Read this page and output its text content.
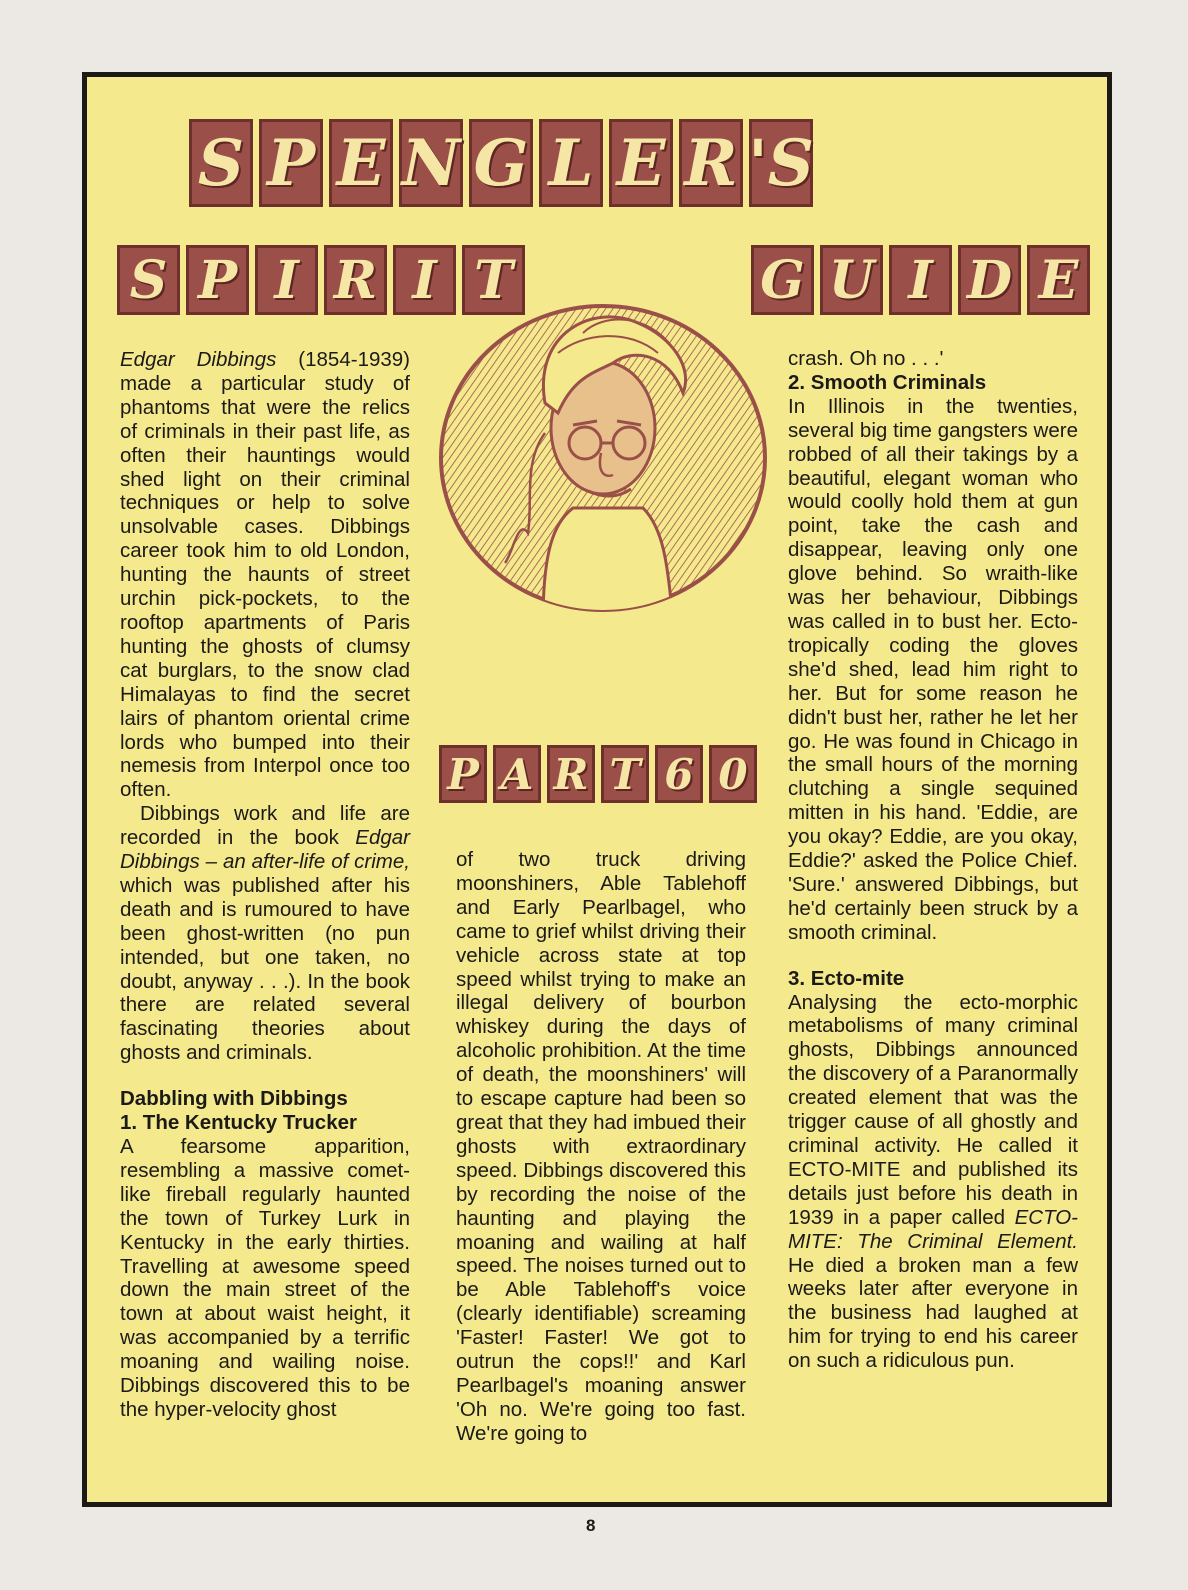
S P E N G L E R 'S
S P I R I T	G U I D E
P A R T 6 0

Edgar Dibbings (1854-1939) made a particular study of phantoms that were the relics of criminals in their past life, as often their hauntings would shed light on their criminal techniques or help to solve unsolvable cases. Dibbings career took him to old London, hunting the haunts of street urchin pick-pockets, to the rooftop apartments of Paris hunting the ghosts of clumsy cat burglars, to the snow clad Himalayas to find the secret lairs of phantom oriental crime lords who bumped into their nemesis from Interpol once too often.

Dibbings work and life are recorded in the book Edgar Dibbings – an after-life of crime, which was published after his death and is rumoured to have been ghost-written (no pun intended, but one taken, no doubt, anyway . . .). In the book there are related several fascinating theories about ghosts and criminals.

Dabbling with Dibbings
1. The Kentucky Trucker

A fearsome apparition, resembling a massive comet-like fireball regularly haunted the town of Turkey Lurk in Kentucky in the early thirties. Travelling at awesome speed down the main street of the town at about waist height, it was accompanied by a terrific moaning and wailing noise. Dibbings discovered this to be the hyper-velocity ghost

of two truck driving moonshiners, Able Tablehoff and Early Pearlbagel, who came to grief whilst driving their vehicle across state at top speed whilst trying to make an illegal delivery of bourbon whiskey during the days of alcoholic prohibition. At the time of death, the moonshiners' will to escape capture had been so great that they had imbued their ghosts with extraordinary speed. Dibbings discovered this by recording the noise of the haunting and playing the moaning and wailing at half speed. The noises turned out to be Able Tablehoff's voice (clearly identifiable) screaming 'Faster! Faster! We got to outrun the cops!!' and Karl Pearlbagel's moaning answer 'Oh no. We're going too fast. We're going to

crash. Oh no . . .'

2. Smooth Criminals

In Illinois in the twenties, several big time gangsters were robbed of all their takings by a beautiful, elegant woman who would coolly hold them at gun point, take the cash and disappear, leaving only one glove behind. So wraith-like was her behaviour, Dibbings was called in to bust her. Ecto-tropically coding the gloves she'd shed, lead him right to her. But for some reason he didn't bust her, rather he let her go. He was found in Chicago in the small hours of the morning clutching a single sequined mitten in his hand. 'Eddie, are you okay? Eddie, are you okay, Eddie?' asked the Police Chief. 'Sure.' answered Dibbings, but he'd certainly been struck by a smooth criminal.

3. Ecto-mite

Analysing the ecto-morphic metabolisms of many criminal ghosts, Dibbings announced the discovery of a Paranormally created element that was the trigger cause of all ghostly and criminal activity. He called it ECTO-MITE and published its details just before his death in 1939 in a paper called ECTO-MITE: The Criminal Element. He died a broken man a few weeks later after everyone in the business had laughed at him for trying to end his career on such a ridiculous pun.

8
